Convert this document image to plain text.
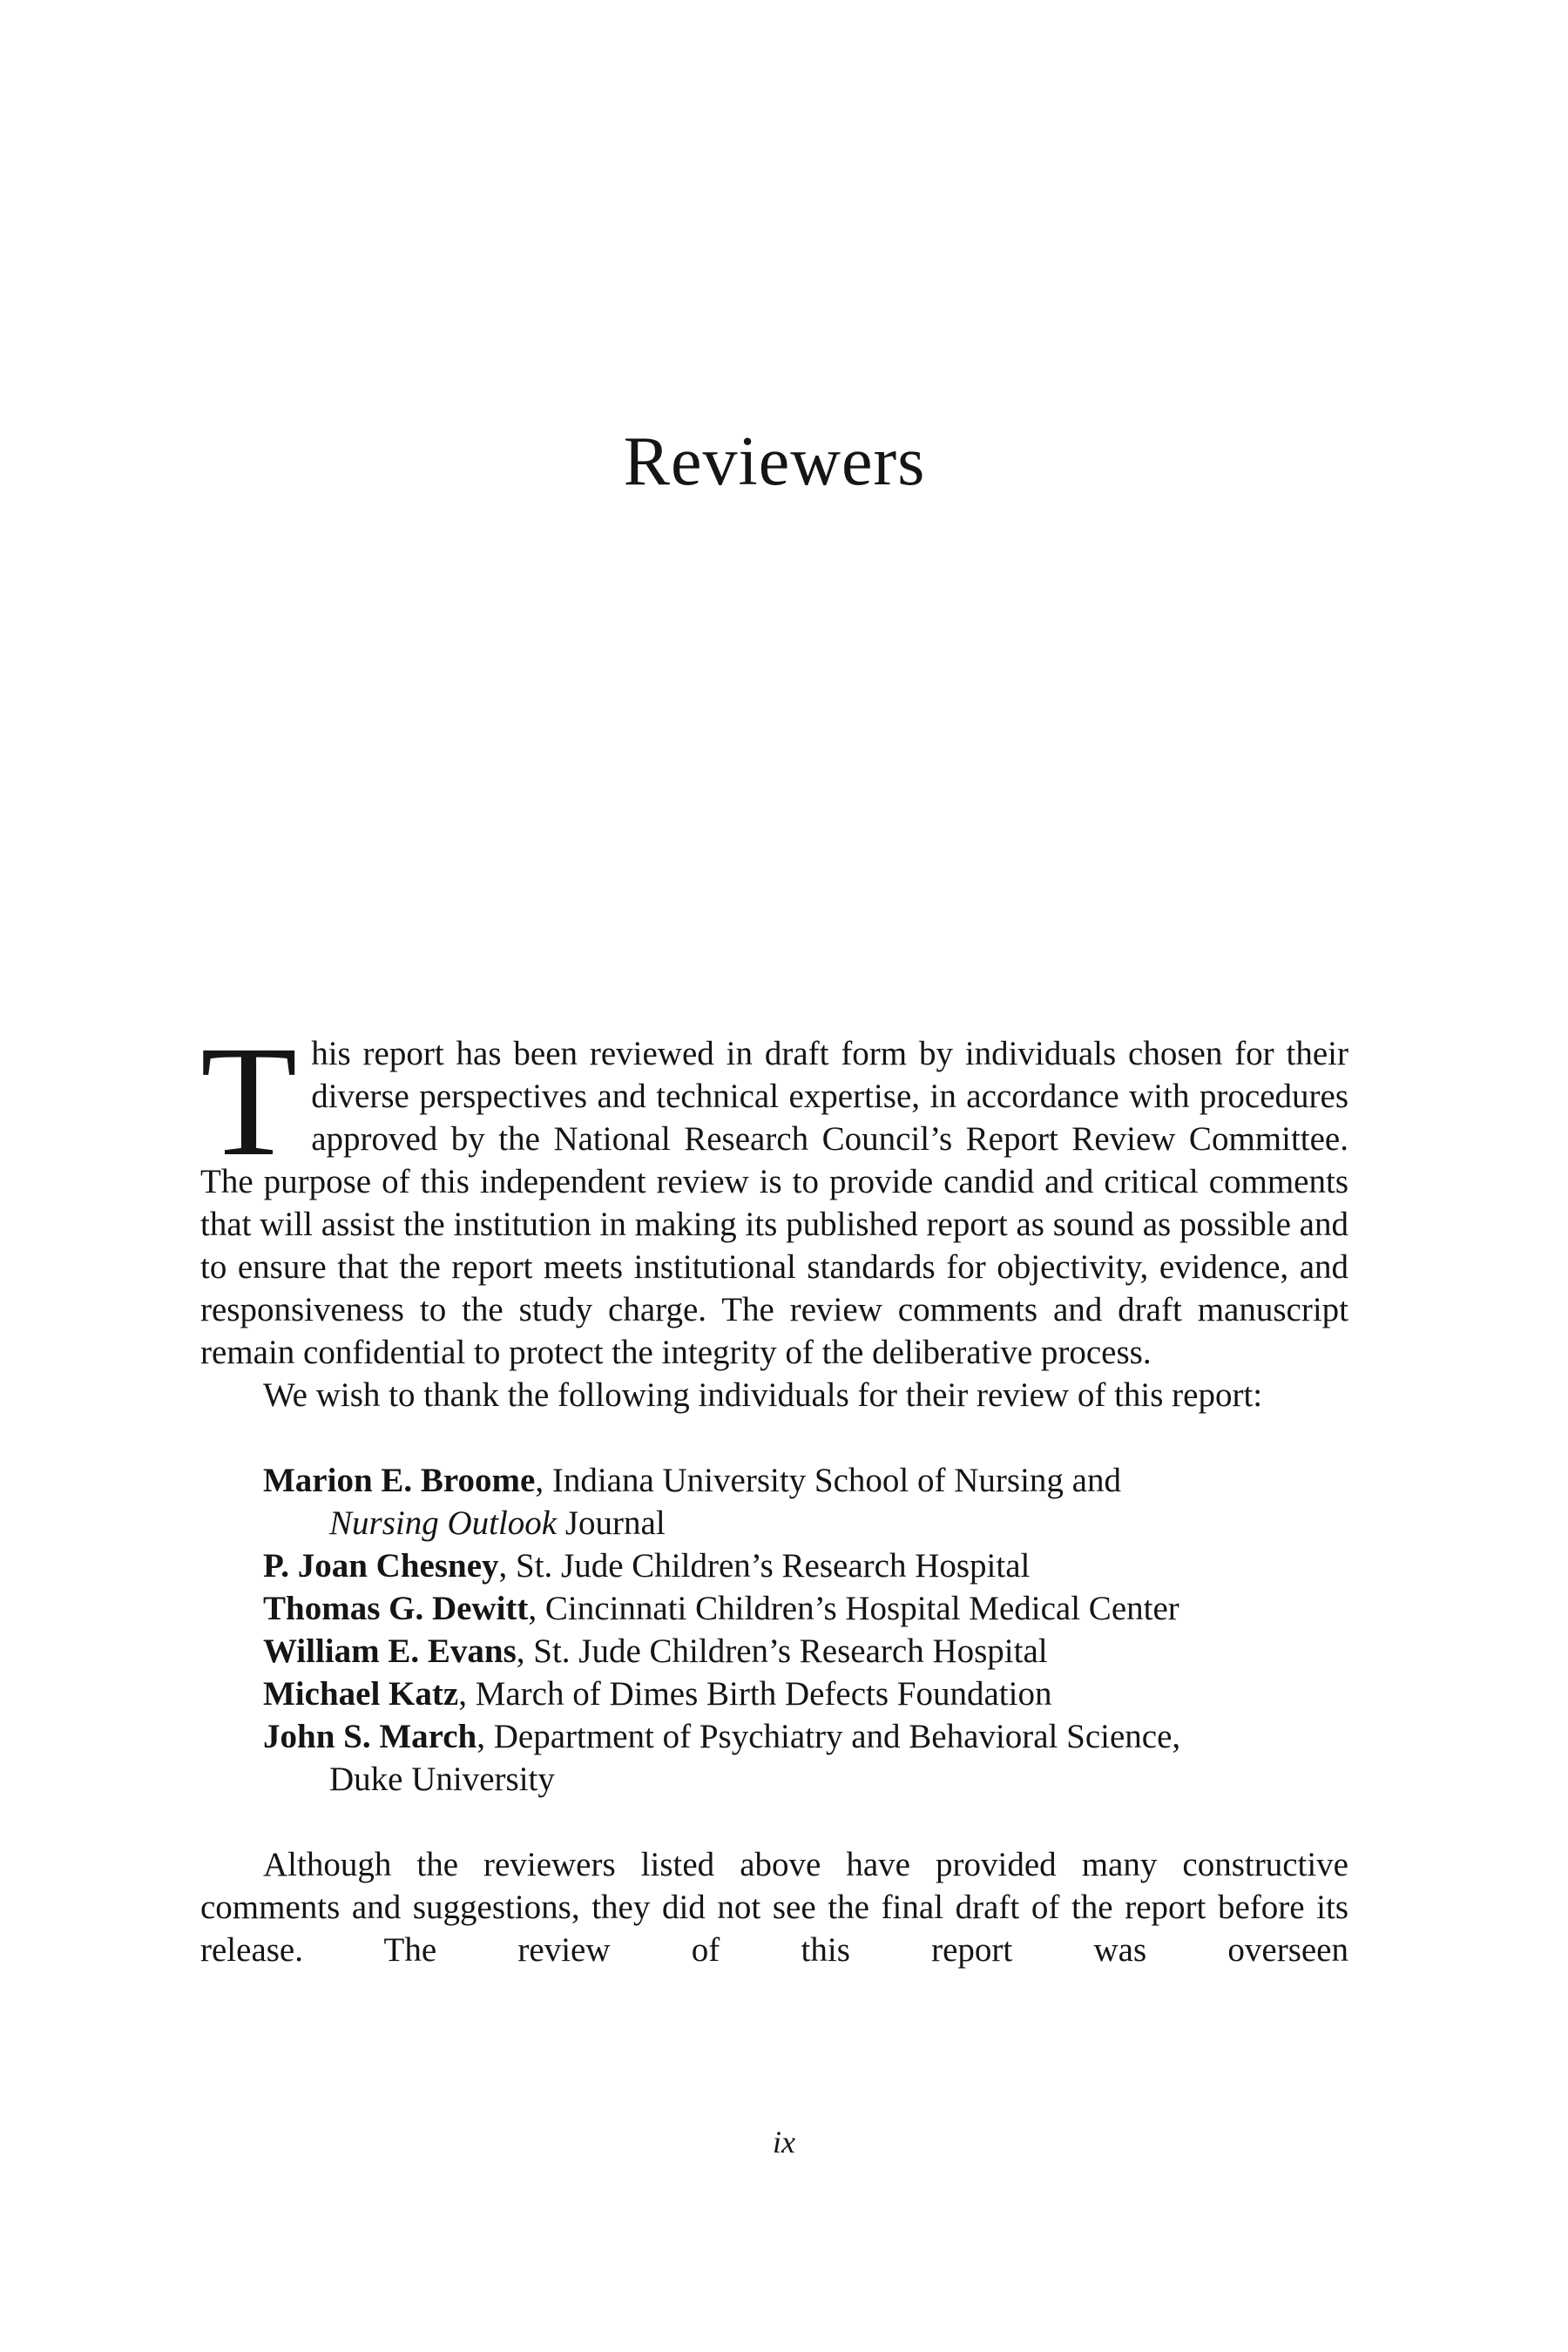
Reviewers

This report has been reviewed in draft form by individuals chosen for their diverse perspectives and technical expertise, in accordance with procedures approved by the National Research Council’s Report Review Committee. The purpose of this independent review is to provide candid and critical comments that will assist the institution in making its published report as sound as possible and to ensure that the report meets institutional standards for objectivity, evidence, and responsiveness to the study charge. The review comments and draft manuscript remain confidential to protect the integrity of the deliberative process.

We wish to thank the following individuals for their review of this report:

Marion E. Broome, Indiana University School of Nursing and
Nursing Outlook Journal
P. Joan Chesney, St. Jude Children’s Research Hospital
Thomas G. Dewitt, Cincinnati Children’s Hospital Medical Center
William E. Evans, St. Jude Children’s Research Hospital
Michael Katz, March of Dimes Birth Defects Foundation
John S. March, Department of Psychiatry and Behavioral Science,
Duke University

Although the reviewers listed above have provided many constructive comments and suggestions, they did not see the final draft of the report before its release. The review of this report was overseen

ix
